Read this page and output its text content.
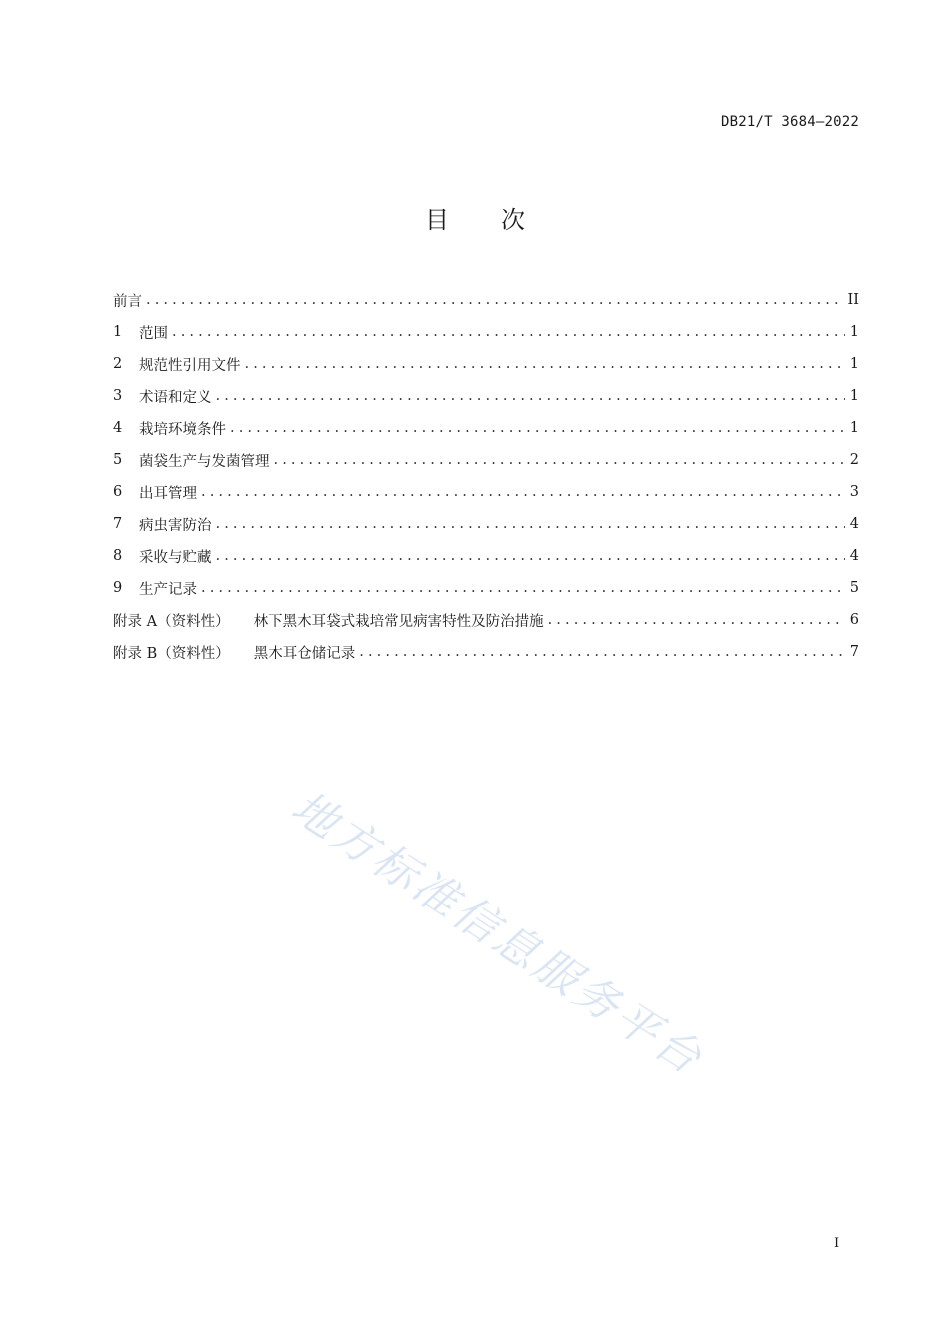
DB21/T 3684—2022
目 次
前言 .....	II
1	范围 .....	1
2	规范性引用文件 .....	1
3	术语和定义 .....	1
4	栽培环境条件 .....	1
5	菌袋生产与发菌管理 .....	2
6	出耳管理 .....	3
7	病虫害防治 .....	4
8	采收与贮藏 .....	4
9	生产记录 .....	5
附录 A（资料性） 林下黑木耳袋式栽培常见病害特性及防治措施 .....	6
附录 B（资料性） 黑木耳仓储记录 .....	7
地方标准信息服务平台
I
